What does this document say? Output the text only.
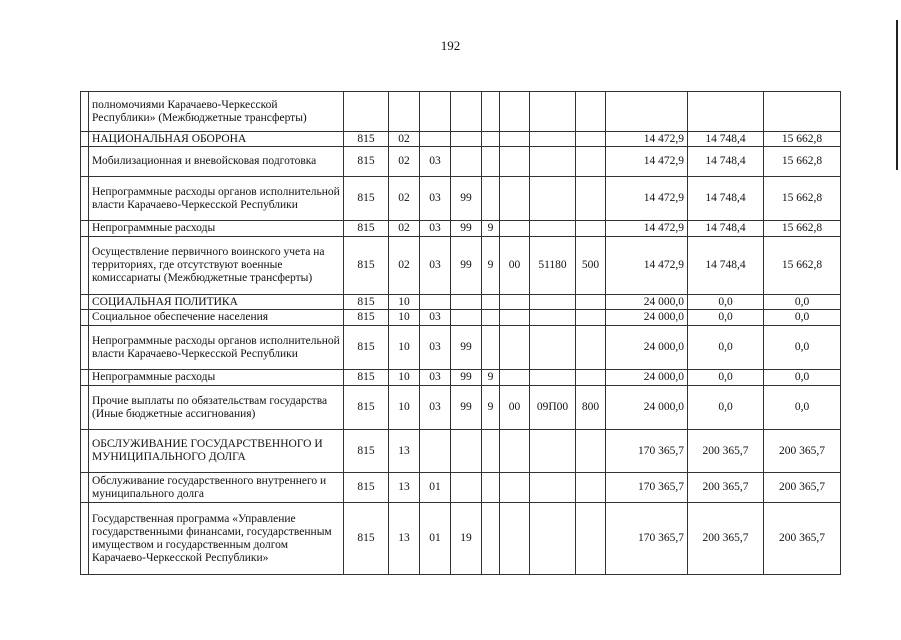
192
	полномочиями Карачаево-Черкесской Республики» (Межбюджетные трансферты)											
	НАЦИОНАЛЬНАЯ ОБОРОНА	815	02							14 472,9	14 748,4	15 662,8
	Мобилизационная и вневойсковая подготовка	815	02	03						14 472,9	14 748,4	15 662,8
	Непрограммные расходы органов исполнительной власти Карачаево-Черкесской Республики	815	02	03	99					14 472,9	14 748,4	15 662,8
	Непрограммные расходы	815	02	03	99	9				14 472,9	14 748,4	15 662,8
	Осуществление первичного воинского учета на территориях, где отсутствуют военные комиссариаты (Межбюджетные трансферты)	815	02	03	99	9	00	51180	500	14 472,9	14 748,4	15 662,8
	СОЦИАЛЬНАЯ ПОЛИТИКА	815	10							24 000,0	0,0	0,0
	Социальное обеспечение населения	815	10	03						24 000,0	0,0	0,0
	Непрограммные расходы органов исполнительной власти Карачаево-Черкесской Республики	815	10	03	99					24 000,0	0,0	0,0
	Непрограммные расходы	815	10	03	99	9				24 000,0	0,0	0,0
	Прочие выплаты по обязательствам государства (Иные бюджетные ассигнования)	815	10	03	99	9	00	09П00	800	24 000,0	0,0	0,0
	ОБСЛУЖИВАНИЕ ГОСУДАРСТВЕННОГО И МУНИЦИПАЛЬНОГО ДОЛГА	815	13							170 365,7	200 365,7	200 365,7
	Обслуживание государственного внутреннего и муниципального долга	815	13	01						170 365,7	200 365,7	200 365,7
	Государственная программа «Управление государственными финансами, государственным имуществом и государственным долгом Карачаево-Черкесской Республики»	815	13	01	19					170 365,7	200 365,7	200 365,7
